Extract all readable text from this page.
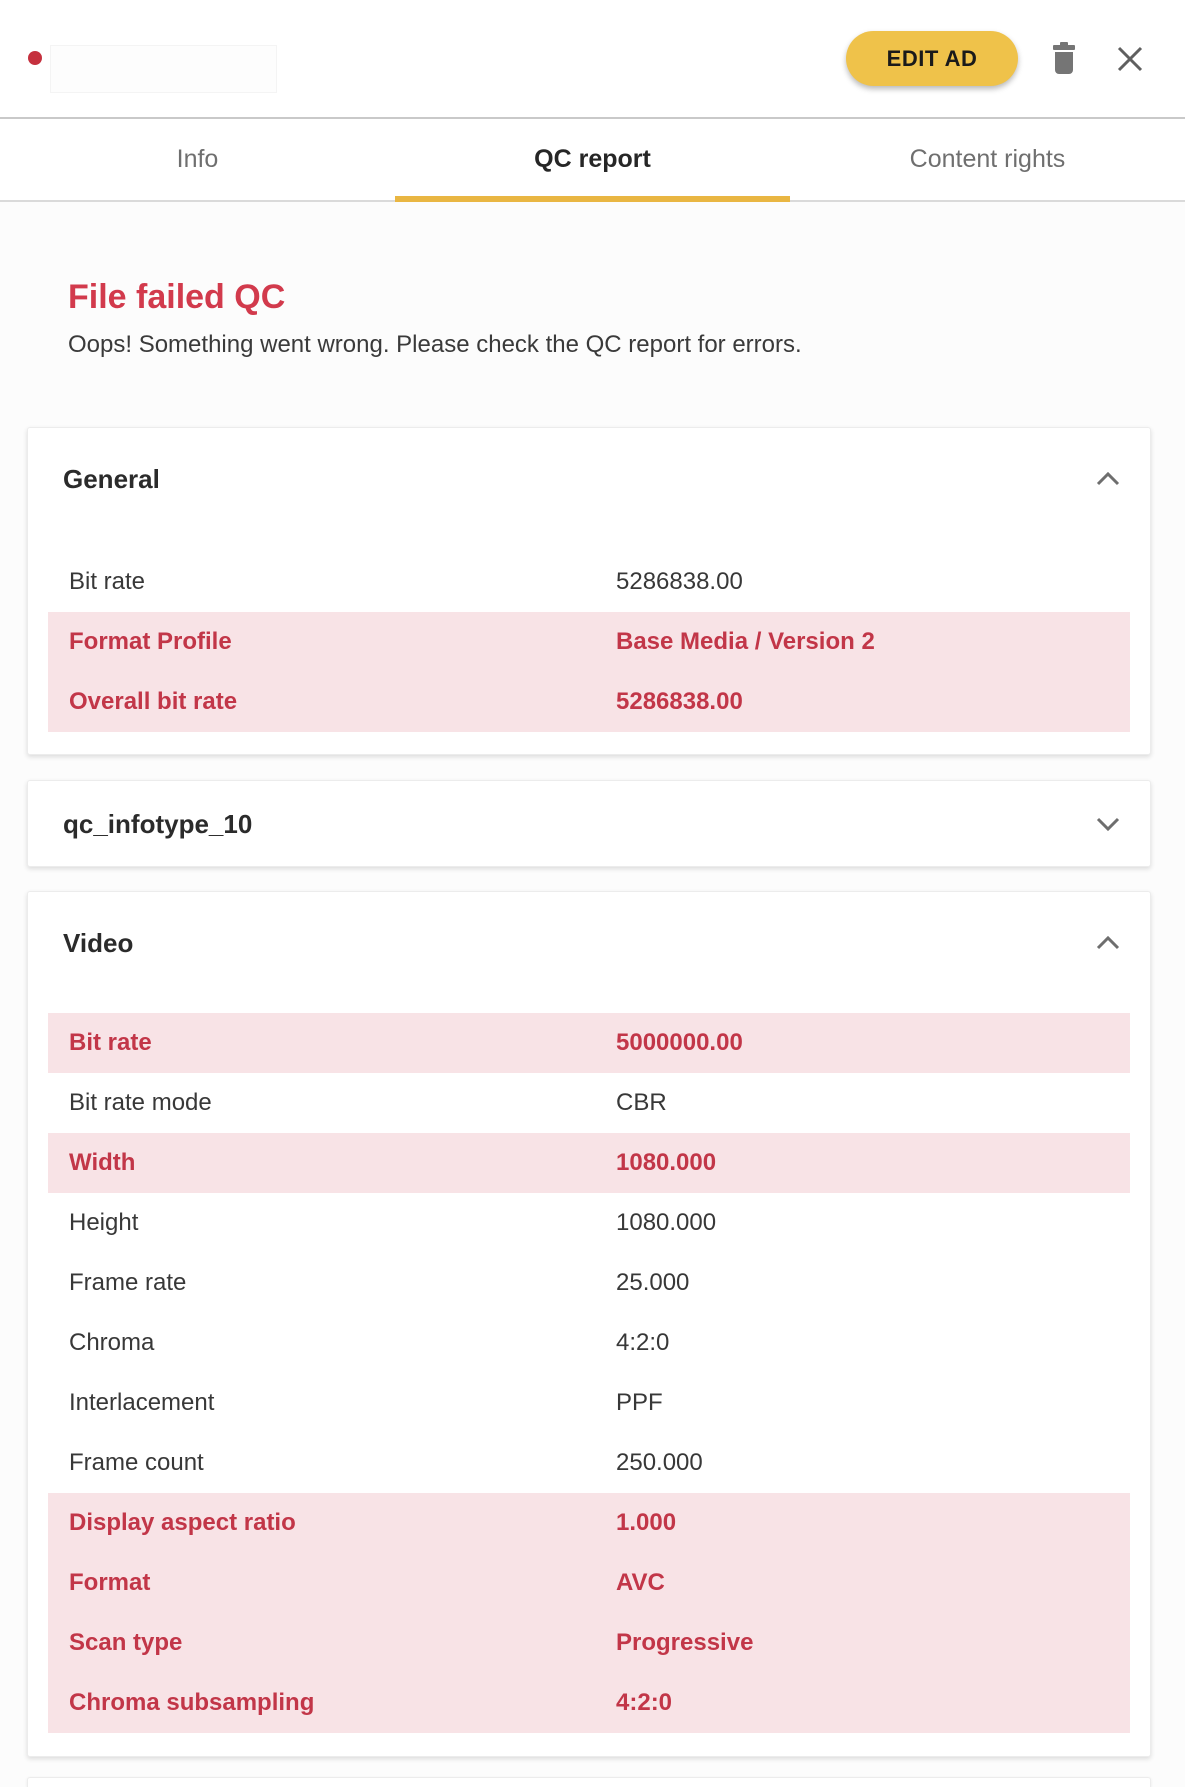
EDIT AD
Info	QC report	Content rights
File failed QC

Oops! Something went wrong. Please check the QC report for errors.

General
Bit rate	5286838.00
Format Profile	Base Media / Version 2
Overall bit rate	5286838.00
qc_infotype_10
Video
Bit rate	5000000.00
Bit rate mode	CBR
Width	1080.000
Height	1080.000
Frame rate	25.000
Chroma	4:2:0
Interlacement	PPF
Frame count	250.000
Display aspect ratio	1.000
Format	AVC
Scan type	Progressive
Chroma subsampling	4:2:0
